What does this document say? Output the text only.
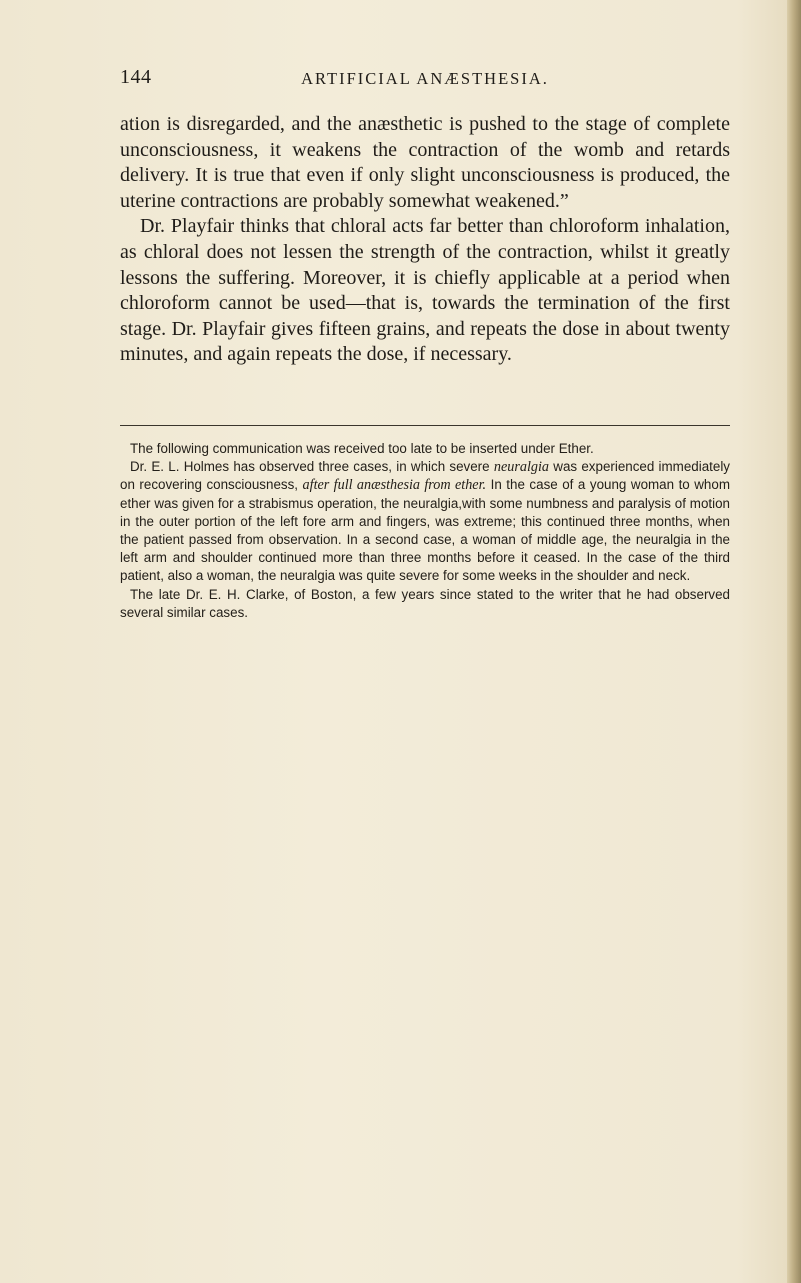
144	ARTIFICIAL ANÆSTHESIA.

ation is disregarded, and the anæsthetic is pushed to the stage of complete unconsciousness, it weakens the contraction of the womb and retards delivery. It is true that even if only slight unconsciousness is produced, the uterine contractions are probably somewhat weakened.”

Dr. Playfair thinks that chloral acts far better than chloroform inhalation, as chloral does not lessen the strength of the contraction, whilst it greatly lessons the suffering. Moreover, it is chiefly applicable at a period when chloroform cannot be used—that is, towards the termination of the first stage. Dr. Playfair gives fifteen grains, and repeats the dose in about twenty minutes, and again repeats the dose, if necessary.

The following communication was received too late to be inserted under Ether.

Dr. E. L. Holmes has observed three cases, in which severe neuralgia was experienced immediately on recovering consciousness, after full anæsthesia from ether. In the case of a young woman to whom ether was given for a strabismus operation, the neuralgia,with some numbness and paralysis of motion in the outer portion of the left fore arm and fingers, was extreme; this continued three months, when the patient passed from observation. In a second case, a woman of middle age, the neuralgia in the left arm and shoulder continued more than three months before it ceased. In the case of the third patient, also a woman, the neuralgia was quite severe for some weeks in the shoulder and neck.

The late Dr. E. H. Clarke, of Boston, a few years since stated to the writer that he had observed several similar cases.
